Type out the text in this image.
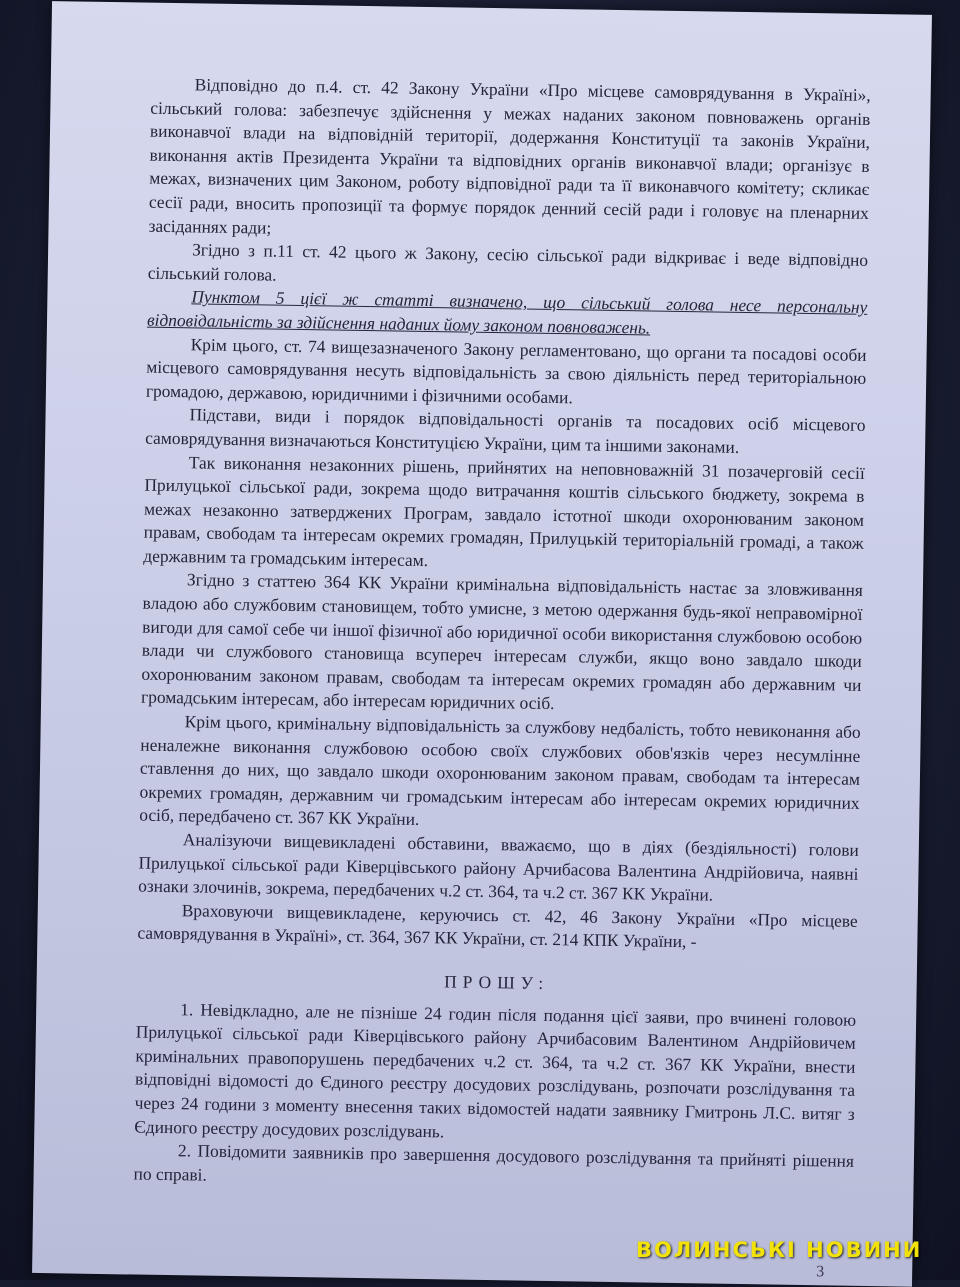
Відповідно до п.4. ст. 42 Закону України «Про місцеве самоврядування в Україні», сільський голова: забезпечує здійснення у межах наданих законом повноважень органів виконавчої влади на відповідній території, додержання Конституції та законів України, виконання актів Президента України та відповідних органів виконавчої влади; організує в межах, визначених цим Законом, роботу відповідної ради та її виконавчого комітету; скликає сесії ради, вносить пропозиції та формує порядок денний сесій ради і головує на пленарних засіданнях ради;

Згідно з п.11 ст. 42 цього ж Закону, сесію сільської ради відкриває і веде відповідно сільський голова.

Пунктом 5 цієї ж статті визначено, що сільський голова несе персональну відповідальність за здійснення наданих йому законом повноважень.

Крім цього, ст. 74 вищезазначеного Закону регламентовано, що органи та посадові особи місцевого самоврядування несуть відповідальність за свою діяльність перед територіальною громадою, державою, юридичними і фізичними особами.

Підстави, види і порядок відповідальності органів та посадових осіб місцевого самоврядування визначаються Конституцією України, цим та іншими законами.

Так виконання незаконних рішень, прийнятих на неповноважній 31 позачерговій сесії Прилуцької сільської ради, зокрема щодо витрачання коштів сільського бюджету, зокрема в межах незаконно затверджених Програм, завдало істотної шкоди охоронюваним законом правам, свободам та інтересам окремих громадян, Прилуцькій територіальній громаді, а також державним та громадським інтересам.

Згідно з статтею 364 КК України кримінальна відповідальність настає за зловживання владою або службовим становищем, тобто умисне, з метою одержання будь-якої неправомірної вигоди для самої себе чи іншої фізичної або юридичної особи використання службовою особою влади чи службового становища всупереч інтересам служби, якщо воно завдало шкоди охоронюваним законом правам, свободам та інтересам окремих громадян або державним чи громадським інтересам, або інтересам юридичних осіб.

Крім цього, кримінальну відповідальність за службову недбалість, тобто невиконання або неналежне виконання службовою особою своїх службових обов'язків через несумлінне ставлення до них, що завдало шкоди охоронюваним законом правам, свободам та інтересам окремих громадян, державним чи громадським інтересам або інтересам окремих юридичних осіб, передбачено ст. 367 КК України.

Аналізуючи вищевикладені обставини, вважаємо, що в діях (бездіяльності) голови Прилуцької сільської ради Ківерцівського району Арчибасова Валентина Андрійовича, наявні ознаки злочинів, зокрема, передбачених ч.2 ст. 364, та ч.2 ст. 367 КК України.

Враховуючи вищевикладене, керуючись ст. 42, 46 Закону України «Про місцеве самоврядування в Україні», ст. 364, 367 КК України, ст. 214 КПК України, -

ПРОШУ:

1. Невідкладно, але не пізніше 24 годин після подання цієї заяви, про вчинені головою Прилуцької сільської ради Ківерцівського району Арчибасовим Валентином Андрійовичем кримінальних правопорушень передбачених ч.2 ст. 364, та ч.2 ст. 367 КК України, внести відповідні відомості до Єдиного реєстру досудових розслідувань, розпочати розслідування та через 24 години з моменту внесення таких відомостей надати заявнику Гмитронь Л.С. витяг з Єдиного реєстру досудових розслідувань.

2. Повідомити заявників про завершення досудового розслідування та прийняті рішення по справі.

3
ВОЛИНСЬКІ НОВИНИ
